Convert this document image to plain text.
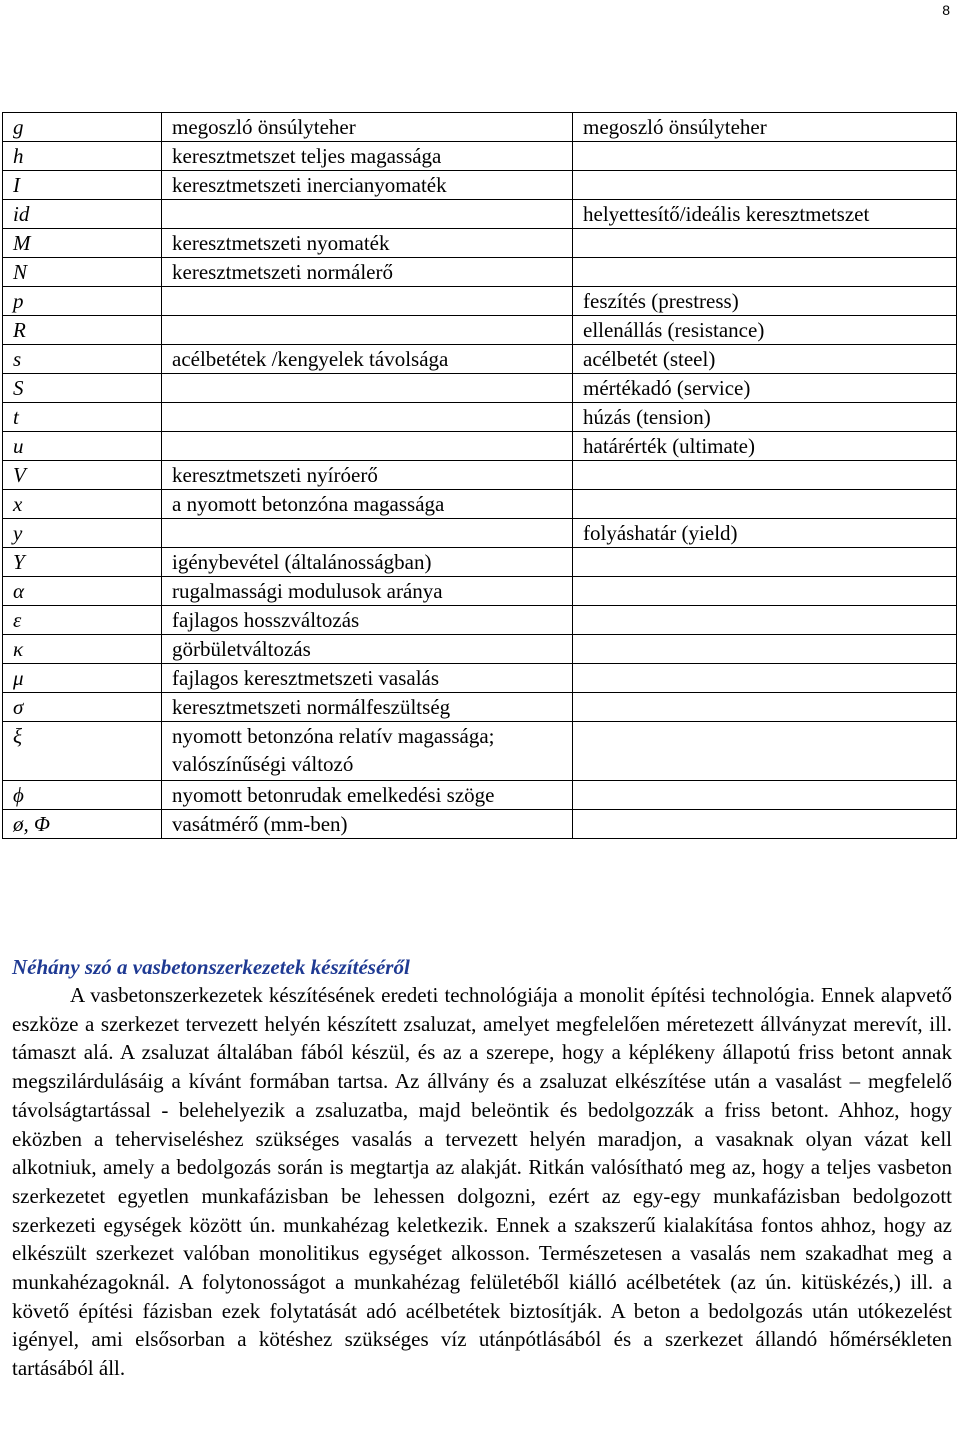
8
g	megoszló önsúlyteher	megoszló önsúlyteher
h	keresztmetszet teljes magassága	
I	keresztmetszeti inercianyomaték	
id		helyettesítő/ideális keresztmetszet
M	keresztmetszeti nyomaték	
N	keresztmetszeti normálerő	
p		feszítés (prestress)
R		ellenállás (resistance)
s	acélbetétek /kengyelek távolsága	acélbetét (steel)
S		mértékadó (service)
t		húzás (tension)
u		határérték (ultimate)
V	keresztmetszeti nyíróerő	
x	a nyomott betonzóna magassága	
y		folyáshatár (yield)
Y	igénybevétel (általánosságban)	
α	rugalmassági modulusok aránya	
ε	fajlagos hosszváltozás	
κ	görbületváltozás	
μ	fajlagos keresztmetszeti vasalás	
σ	keresztmetszeti normálfeszültség	
ξ	nyomott betonzóna relatív magassága; valószínűségi változó	
ϕ	nyomott betonrudak emelkedési szöge	
ø, Φ	vasátmérő (mm-ben)	
Néhány szó a vasbetonszerkezetek készítéséről

A vasbetonszerkezetek készítésének eredeti technológiája a monolit építési technológia. Ennek alapvető eszköze a szerkezet tervezett helyén készített zsaluzat, amelyet megfelelően méretezett állványzat merevít, ill. támaszt alá. A zsaluzat általában fából készül, és az a szerepe, hogy a képlékeny állapotú friss betont annak megszilárdulásáig a kívánt formában tartsa. Az állvány és a zsaluzat elkészítése után a vasalást – megfelelő távolságtartással - belehelyezik a zsaluzatba, majd beleöntik és bedolgozzák a friss betont. Ahhoz, hogy eközben a teherviseléshez szükséges vasalás a tervezett helyén maradjon, a vasaknak olyan vázat kell alkotniuk, amely a bedolgozás során is megtartja az alakját. Ritkán valósítható meg az, hogy a teljes vasbeton szerkezetet egyetlen munkafázisban be lehessen dolgozni, ezért az egy-egy munkafázisban bedolgozott szerkezeti egységek között ún. munkahézag keletkezik. Ennek a szakszerű kialakítása fontos ahhoz, hogy az elkészült szerkezet valóban monolitikus egységet alkosson. Természetesen a vasalás nem szakadhat meg a munkahézagoknál. A folytonosságot a munkahézag felületéből kiálló acélbetétek (az ún. kitüskézés,) ill. a követő építési fázisban ezek folytatását adó acélbetétek biztosítják. A beton a bedolgozás után utókezelést igényel, ami elsősorban a kötéshez szükséges víz utánpótlásából és a szerkezet állandó hőmérsékleten tartásából áll.
